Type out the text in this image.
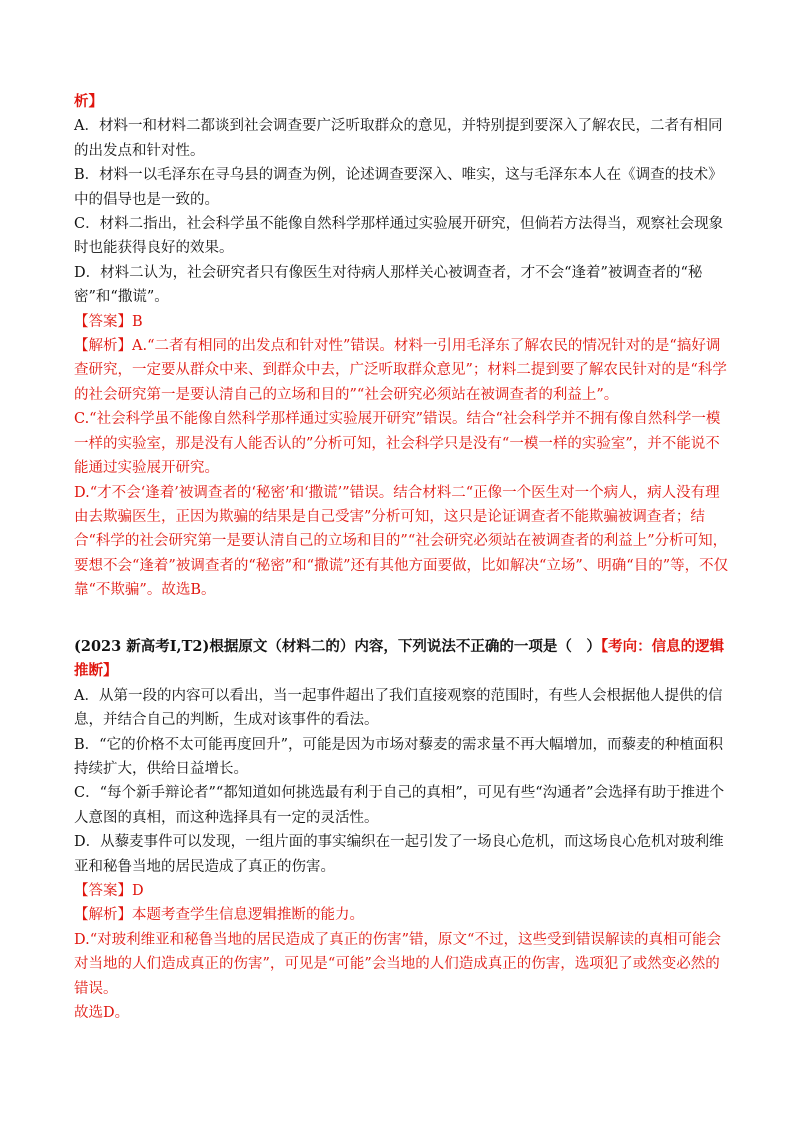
析】

A．材料一和材料二都谈到社会调查要广泛听取群众的意见，并特别提到要深入了解农民，二者有相同的出发点和针对性。

B．材料一以毛泽东在寻乌县的调查为例，论述调查要深入、唯实，这与毛泽东本人在《调查的技术》中的倡导也是一致的。

C．材料二指出，社会科学虽不能像自然科学那样通过实验展开研究，但倘若方法得当，观察社会现象时也能获得良好的效果。

D．材料二认为，社会研究者只有像医生对待病人那样关心被调查者，才不会“逢着”被调查者的“秘密”和“撒谎”。

【答案】B

【解析】A.“二者有相同的出发点和针对性”错误。材料一引用毛泽东了解农民的情况针对的是“搞好调查研究，一定要从群众中来、到群众中去，广泛听取群众意见”；材料二提到要了解农民针对的是“科学的社会研究第一是要认清自己的立场和目的”“社会研究必须站在被调查者的利益上”。

C.“社会科学虽不能像自然科学那样通过实验展开研究”错误。结合“社会科学并不拥有像自然科学一模一样的实验室，那是没有人能否认的”分析可知，社会科学只是没有“一模一样的实验室”，并不能说不能通过实验展开研究。

D.“才不会‘逢着’被调查者的‘秘密’和‘撒谎’”错误。结合材料二“正像一个医生对一个病人，病人没有理由去欺骗医生，正因为欺骗的结果是自己受害”分析可知，这只是论证调查者不能欺骗被调查者；结合“科学的社会研究第一是要认清自己的立场和目的”“社会研究必须站在被调查者的利益上”分析可知，要想不会“逢着”被调查者的“秘密”和“撒谎”还有其他方面要做，比如解决“立场”、明确“目的”等，不仅靠“不欺骗”。故选B。

(2023 新高考Ⅰ,T2)根据原文（材料二的）内容，下列说法不正确的一项是（　）【考向：信息的逻辑推断】

A．从第一段的内容可以看出，当一起事件超出了我们直接观察的范围时，有些人会根据他人提供的信息，并结合自己的判断，生成对该事件的看法。

B．“它的价格不太可能再度回升”，可能是因为市场对藜麦的需求量不再大幅增加，而藜麦的种植面积持续扩大，供给日益增长。

C．“每个新手辩论者”“都知道如何挑选最有利于自己的真相”，可见有些“沟通者”会选择有助于推进个人意图的真相，而这种选择具有一定的灵活性。

D．从藜麦事件可以发现，一组片面的事实编织在一起引发了一场良心危机，而这场良心危机对玻利维亚和秘鲁当地的居民造成了真正的伤害。

【答案】D

【解析】本题考查学生信息逻辑推断的能力。

D.“对玻利维亚和秘鲁当地的居民造成了真正的伤害”错，原文“不过，这些受到错误解读的真相可能会对当地的人们造成真正的伤害”，可见是“可能”会当地的人们造成真正的伤害，选项犯了或然变必然的错误。

故选D。
